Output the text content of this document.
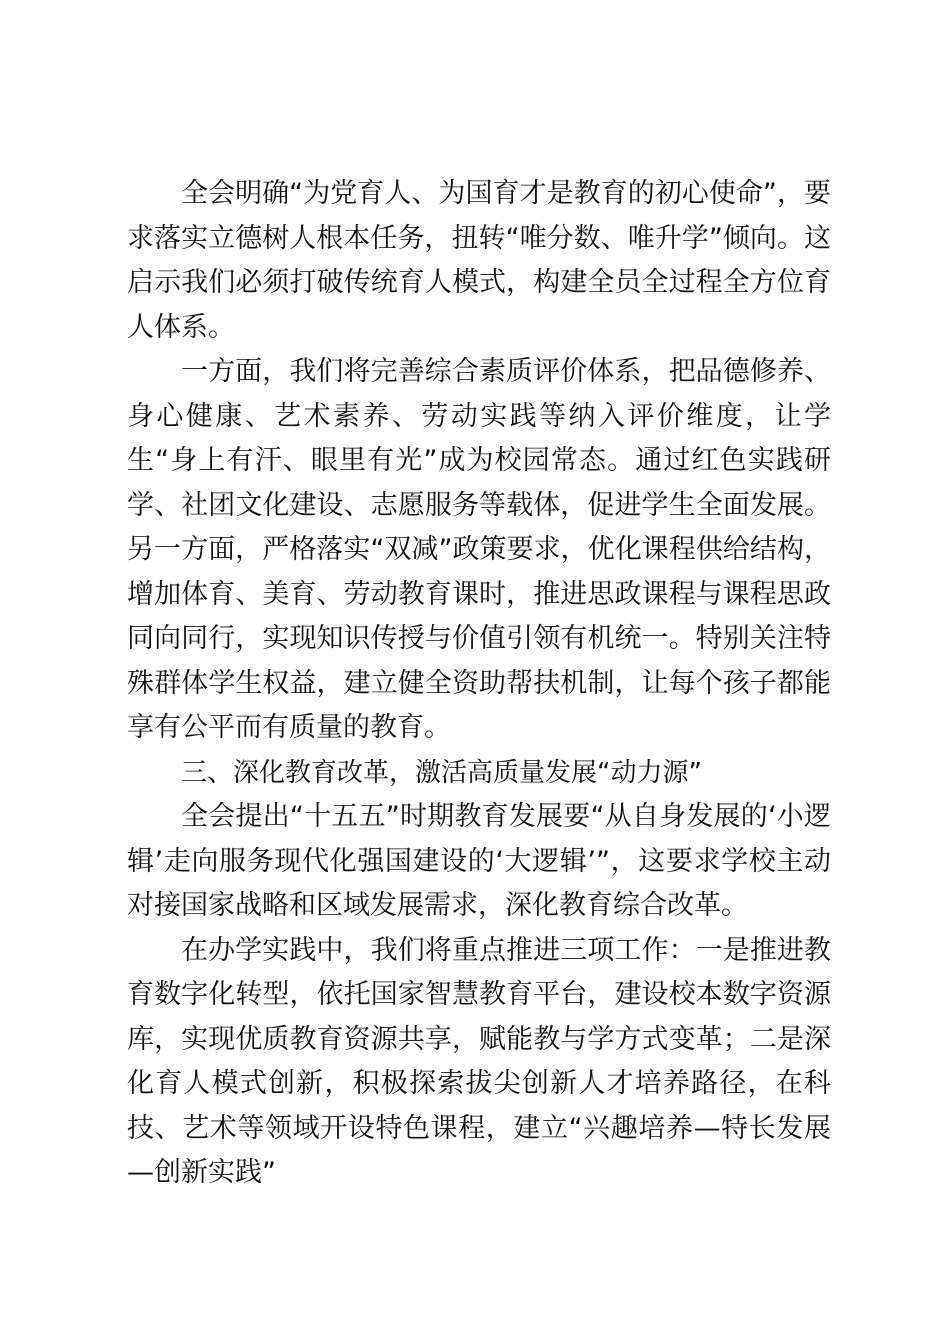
全会明确“为党育人、为国育才是教育的初心使命”，要求落实立德树人根本任务，扭转“唯分数、唯升学”倾向。这启示我们必须打破传统育人模式，构建全员全过程全方位育人体系。

一方面，我们将完善综合素质评价体系，把品德修养、身心健康、艺术素养、劳动实践等纳入评价维度，让学生“身上有汗、眼里有光”成为校园常态。通过红色实践研学、社团文化建设、志愿服务等载体，促进学生全面发展。另一方面，严格落实“双减”政策要求，优化课程供给结构，增加体育、美育、劳动教育课时，推进思政课程与课程思政同向同行，实现知识传授与价值引领有机统一。特别关注特殊群体学生权益，建立健全资助帮扶机制，让每个孩子都能享有公平而有质量的教育。

三、深化教育改革，激活高质量发展“动力源”

全会提出“十五五”时期教育发展要“从自身发展的‘小逻辑’走向服务现代化强国建设的‘大逻辑’”，这要求学校主动对接国家战略和区域发展需求，深化教育综合改革。

在办学实践中，我们将重点推进三项工作：一是推进教育数字化转型，依托国家智慧教育平台，建设校本数字资源库，实现优质教育资源共享，赋能教与学方式变革；二是深化育人模式创新，积极探索拔尖创新人才培养路径，在科技、艺术等领域开设特色课程，建立“兴趣培养—特长发展—创新实践”
